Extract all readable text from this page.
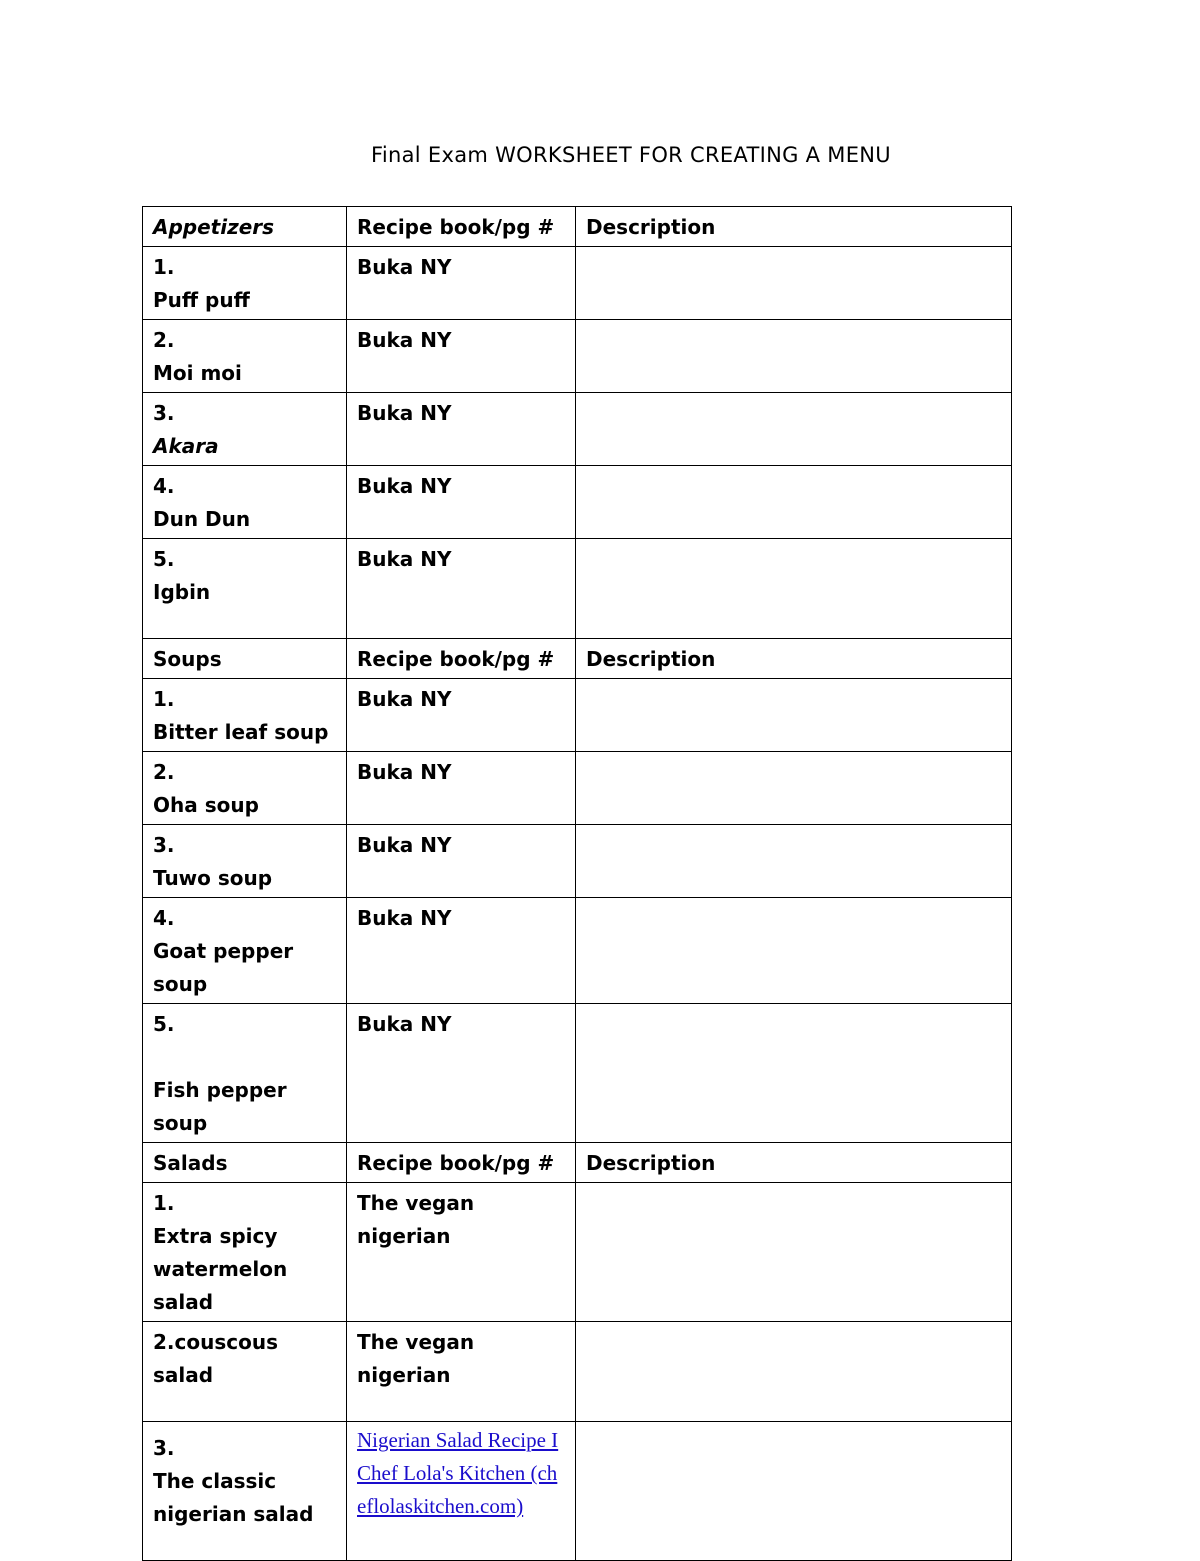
Final Exam WORKSHEET FOR CREATING A MENU
Appetizers	Recipe book/pg #	Description

1.
Puff puff	Buka NY	

2.
Moi moi	Buka NY	

3.
Akara	Buka NY	

4.
Dun Dun	Buka NY	

5.
Igbin	Buka NY	
Soups	Recipe book/pg #	Description

1.
Bitter leaf soup	Buka NY	

2.
Oha soup	Buka NY	

3.
Tuwo soup	Buka NY	

4.
Goat pepper soup	Buka NY	

5.
Fish pepper soup	Buka NY	
Salads	Recipe book/pg #	Description

1.
Extra spicy watermelon salad	The vegan nigerian	

2.couscous
salad	The vegan nigerian	

3.
The classic nigerian salad	Nigerian Salad Recipe I Chef Lola's Kitchen (cheflolaskitchen.com)	
